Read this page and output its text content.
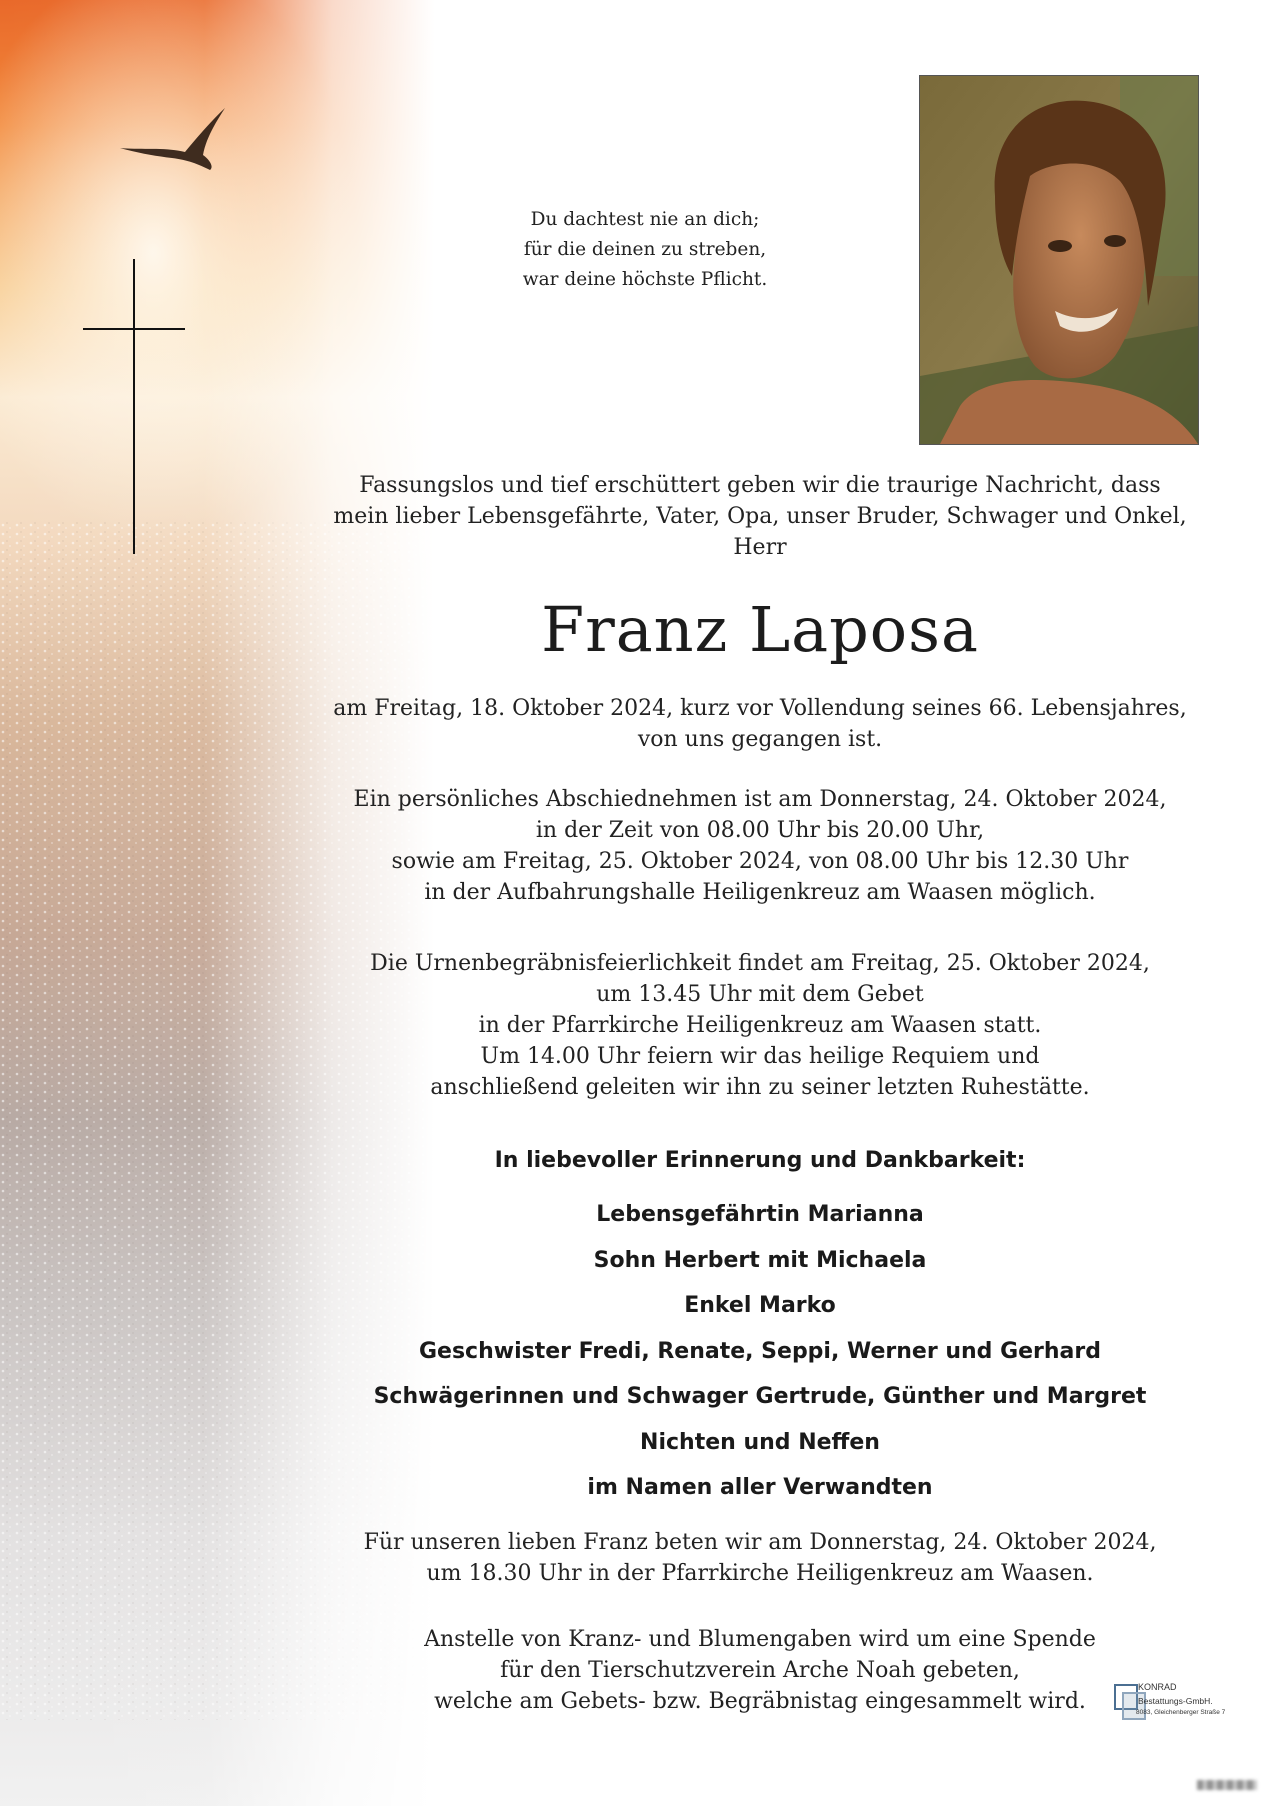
Du dachtest nie an dich;
für die deinen zu streben,
war deine höchste Pflicht.
Fassungslos und tief erschüttert geben wir die traurige Nachricht, dass
mein lieber Lebensgefährte, Vater, Opa, unser Bruder, Schwager und Onkel,
Herr
Franz Laposa
am Freitag, 18. Oktober 2024, kurz vor Vollendung seines 66. Lebensjahres,
von uns gegangen ist.
Ein persönliches Abschiednehmen ist am Donnerstag, 24. Oktober 2024,
in der Zeit von 08.00 Uhr bis 20.00 Uhr,
sowie am Freitag, 25. Oktober 2024, von 08.00 Uhr bis 12.30 Uhr
in der Aufbahrungshalle Heiligenkreuz am Waasen möglich.
Die Urnenbegräbnisfeierlichkeit findet am Freitag, 25. Oktober 2024,
um 13.45 Uhr mit dem Gebet
in der Pfarrkirche Heiligenkreuz am Waasen statt.
Um 14.00 Uhr feiern wir das heilige Requiem und
anschließend geleiten wir ihn zu seiner letzten Ruhestätte.
In liebevoller Erinnerung und Dankbarkeit:
Lebensgefährtin Marianna
Sohn Herbert mit Michaela
Enkel Marko
Geschwister Fredi, Renate, Seppi, Werner und Gerhard
Schwägerinnen und Schwager Gertrude, Günther und Margret
Nichten und Neffen
im Namen aller Verwandten
Für unseren lieben Franz beten wir am Donnerstag, 24. Oktober 2024,
um 18.30 Uhr in der Pfarrkirche Heiligenkreuz am Waasen.
Anstelle von Kranz- und Blumengaben wird um eine Spende
für den Tierschutzverein Arche Noah gebeten,
welche am Gebets- bzw. Begräbnistag eingesammelt wird.
KONRAD
Bestattungs-GmbH.
8083, Gleichenberger Straße 7
